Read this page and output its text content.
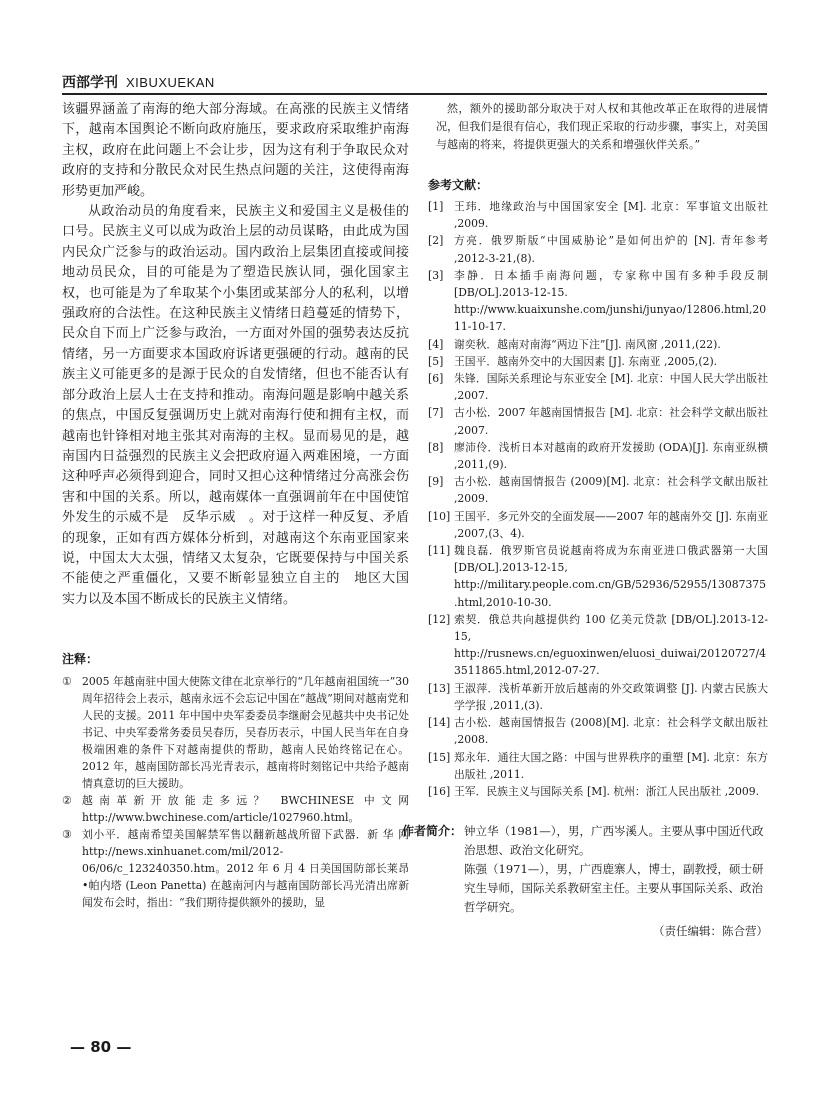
西部学刊 XIBUXUEKAN

该疆界涵盖了南海的绝大部分海域。在高涨的民族主义情绪下，越南本国舆论不断向政府施压，要求政府采取维护南海主权，政府在此问题上不会让步，因为这有利于争取民众对政府的支持和分散民众对民生热点问题的关注，这使得南海形势更加严峻。

从政治动员的角度看来，民族主义和爱国主义是极佳的口号。民族主义可以成为政治上层的动员谋略，由此成为国内民众广泛参与的政治运动。国内政治上层集团直接或间接地动员民众，目的可能是为了塑造民族认同，强化国家主权，也可能是为了牟取某个小集团或某部分人的私利，以增强政府的合法性。在这种民族主义情绪日趋蔓延的情势下，民众自下而上广泛参与政治，一方面对外国的强势表达反抗情绪，另一方面要求本国政府诉诸更强硬的行动。越南的民族主义可能更多的是源于民众的自发情绪，但也不能否认有部分政治上层人士在支持和推动。南海问题是影响中越关系的焦点，中国反复强调历史上就对南海行使和拥有主权，而越南也针锋相对地主张其对南海的主权。显而易见的是，越南国内日益强烈的民族主义会把政府逼入两难困境，一方面这种呼声必须得到迎合，同时又担心这种情绪过分高涨会伤害和中国的关系。所以，越南媒体一直强调前年在中国使馆外发生的示威不是　反华示威　。对于这样一种反复、矛盾的现象，正如有西方媒体分析到，对越南这个东南亚国家来说，中国太大太强，情绪又太复杂，它既要保持与中国关系不能使之严重僵化，又要不断彰显独立自主的　地区大国　实力以及本国不断成长的民族主义情绪。

注释：

① 2005 年越南驻中国大使陈文律在北京举行的“几年越南祖国统一”30 周年招待会上表示，越南永远不会忘记中国在“越战”期间对越南党和人民的支援。2011 年中国中央军委委员李继耐会见越共中央书记处书记、中央军委常务委员吴春历，吴春历表示，中国人民当年在自身极端困难的条件下对越南提供的帮助，越南人民始终铭记在心。2012 年，越南国防部长冯光青表示，越南将时刻铭记中共给予越南情真意切的巨大援助。

② 越南革新开放能走多远？ BWCHINESE 中文网 http://www.bwchinese.com/article/1027960.html。

③ 刘小平．越南希望美国解禁军售以翻新越战所留下武器．新 华 网 http://news.xinhuanet.com/mil/2012-06/06/c_123240350.htm。2012 年 6 月 4 日美国国防部长莱昂•帕内塔 (Leon Panetta) 在越南河内与越南国防部长冯光清出席新闻发布会时，指出：“我们期待提供额外的援助，显

然，额外的援助部分取决于对人权和其他改革正在取得的进展情况，但我们是很有信心，我们现正采取的行动步骤，事实上，对美国与越南的将来，将提供更强大的关系和增强伙伴关系。”

参考文献：

[1] 王玮．地缘政治与中国国家安全 [M]. 北京：军事谊文出版社 ,2009.

[2] 方亮．俄罗斯版“中国威胁论”是如何出炉的 [N]. 青年参考 ,2012-3-21,(8).

[3] 李静．日本插手南海问题，专家称中国有多种手段反制 [DB/OL].2013-12-15.　http://www.kuaixunshe.com/junshi/junyao/12806.html,2011-10-17.

[4] 谢奕秋．越南对南海“两边下注”[J]. 南风窗 ,2011,(22).

[5] 王国平．越南外交中的大国因素 [J]. 东南亚 ,2005,(2).

[6] 朱锋．国际关系理论与东亚安全 [M]. 北京：中国人民大学出版社 ,2007.

[7] 古小松．2007 年越南国情报告 [M]. 北京：社会科学文献出版社 ,2007.

[8] 廖沛伶．浅析日本对越南的政府开发援助 (ODA)[J]. 东南亚纵横 ,2011,(9).

[9] 古小松．越南国情报告 (2009)[M]. 北京：社会科学文献出版社 ,2009.

[10] 王国平．多元外交的全面发展——2007 年的越南外交 [J]. 东南亚 ,2007,(3、4).

[11] 魏良磊．俄罗斯官员说越南将成为东南亚进口俄武器第一大国 [DB/OL].2013-12-15,　http://military.people.com.cn/GB/52936/52955/13087375.html,2010-10-30.

[12] 索契．俄总共向越提供约 100 亿美元贷款 [DB/OL].2013-12-15,　http://rusnews.cn/eguoxinwen/eluosi_duiwai/20120727/43511865.html,2012-07-27.

[13] 王淑萍．浅析革新开放后越南的外交政策调整 [J]. 内蒙古民族大学学报 ,2011,(3).

[14] 古小松．越南国情报告 (2008)[M]. 北京：社会科学文献出版社 ,2008.

[15] 郑永年．通往大国之路：中国与世界秩序的重塑 [M]. 北京：东方出版社 ,2011.

[16] 王军．民族主义与国际关系 [M]. 杭州：浙江人民出版社 ,2009.

作者简介： 钟立华（1981—），男，广西岑溪人。主要从事中国近代政治思想、政治文化研究。

陈强（1971—），男，广西鹿寨人，博士，副教授，硕士研究生导师，国际关系教研室主任。主要从事国际关系、政治哲学研究。

（责任编辑：陈合营）
— 80 —
